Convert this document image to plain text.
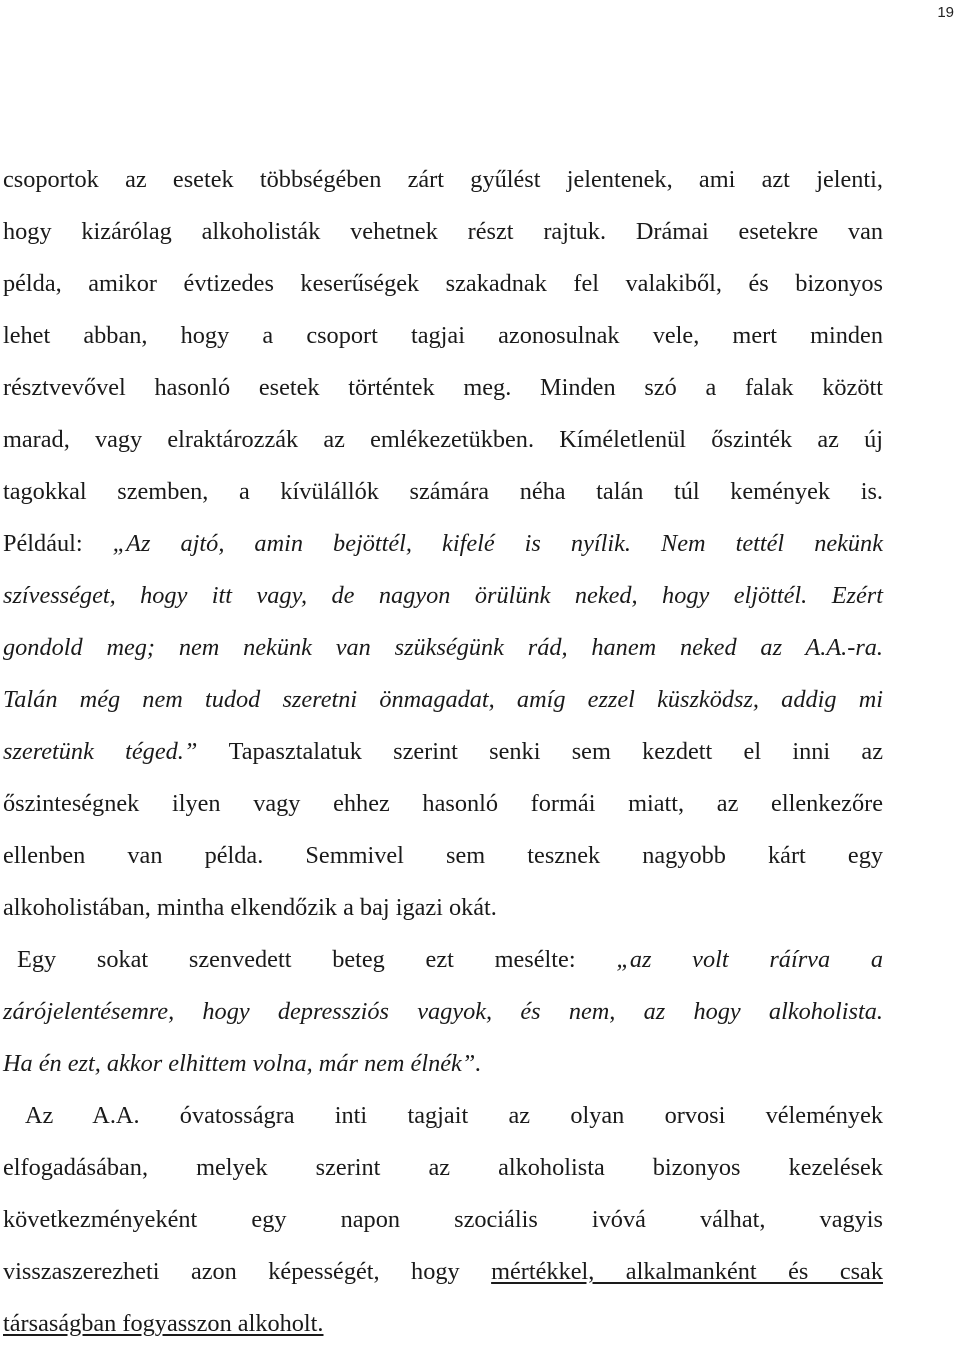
19
csoportok az esetek többségében zárt gyűlést jelentenek, ami azt jelenti,
hogy kizárólag alkoholisták vehetnek részt rajtuk. Drámai esetekre van
példa, amikor évtizedes keserűségek szakadnak fel valakiből, és bizonyos
lehet abban, hogy a csoport tagjai azonosulnak vele, mert minden
résztvevővel hasonló esetek történtek meg. Minden szó a falak között
marad, vagy elraktározzák az emlékezetükben. Kíméletlenül őszinték az új
tagokkal szemben, a kívülállók számára néha talán túl kemények is.
Például: „Az ajtó, amin bejöttél, kifelé is nyílik. Nem tettél nekünk
szívességet, hogy itt vagy, de nagyon örülünk neked, hogy eljöttél. Ezért
gondold meg; nem nekünk van szükségünk rád, hanem neked az A.A.-ra.
Talán még nem tudod szeretni önmagadat, amíg ezzel küszködsz, addig mi
szeretünk téged.” Tapasztalatuk szerint senki sem kezdett el inni az
őszinteségnek ilyen vagy ehhez hasonló formái miatt, az ellenkezőre
ellenben van példa. Semmivel sem tesznek nagyobb kárt egy
alkoholistában, mintha elkendőzik a baj igazi okát.
Egy sokat szenvedett beteg ezt mesélte: „az volt ráírva a
zárójelentésemre, hogy depressziós vagyok, és nem, az hogy alkoholista.
Ha én ezt, akkor elhittem volna, már nem élnék”.
Az A.A. óvatosságra inti tagjait az olyan orvosi vélemények
elfogadásában, melyek szerint az alkoholista bizonyos kezelések
következményeként egy napon szociális ivóvá válhat, vagyis
visszaszerezheti azon képességét, hogy mértékkel, alkalmanként és csak
társaságban fogyasszon alkoholt.
